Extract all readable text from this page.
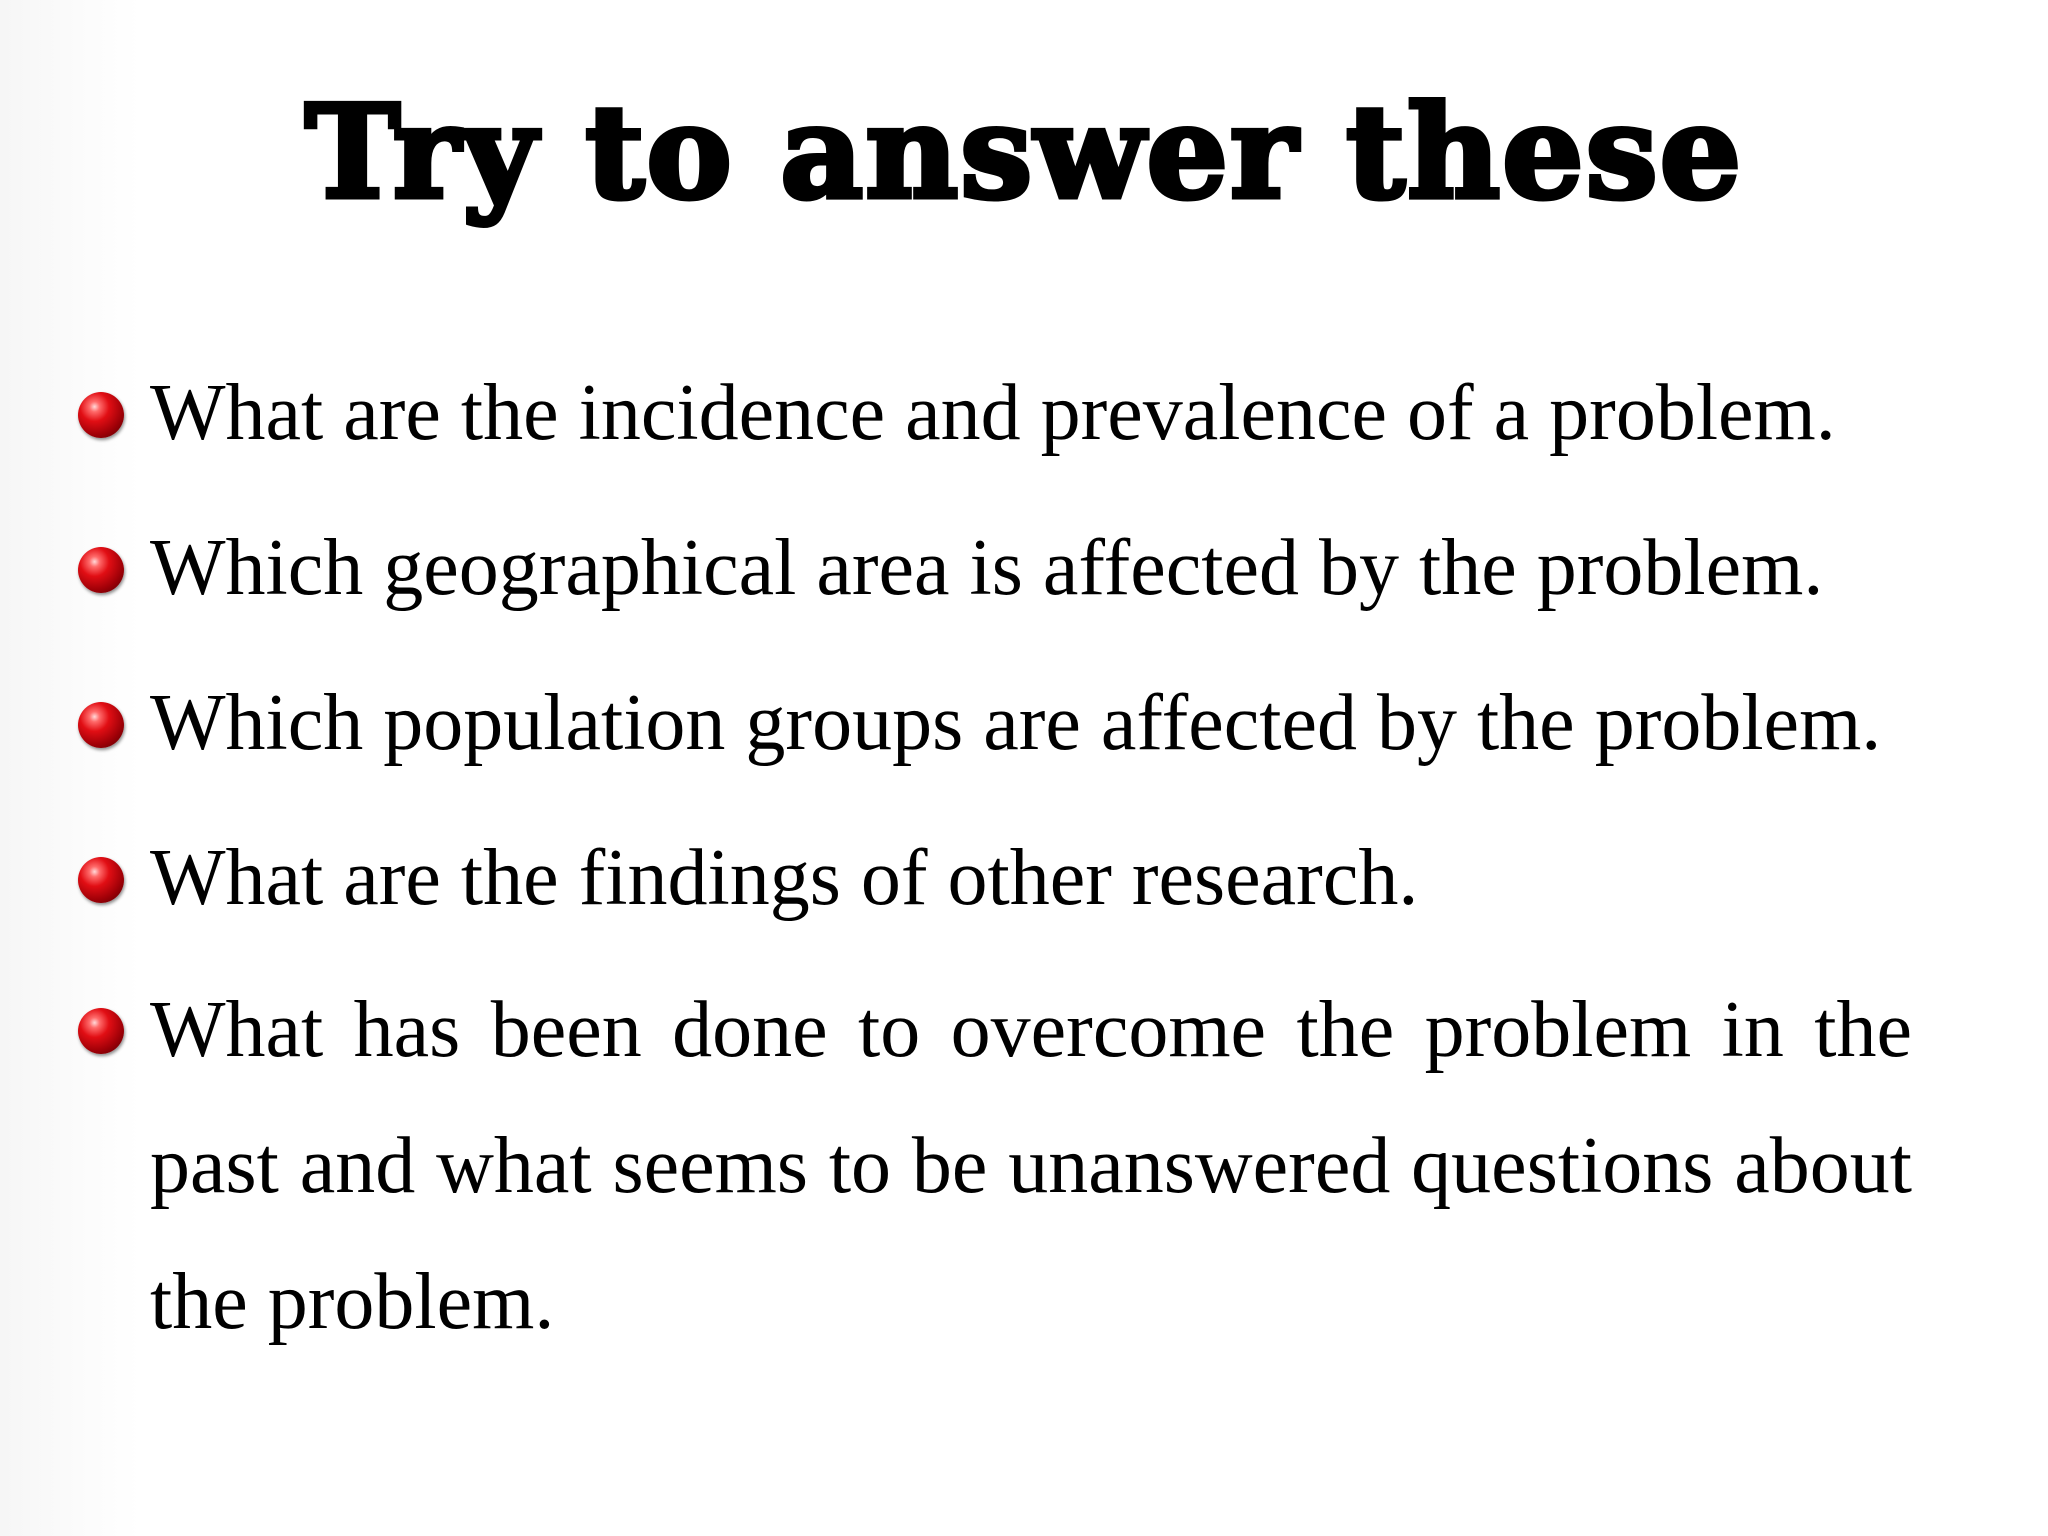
Try to answer these
What are the incidence and prevalence of a problem.
Which geographical area is affected by the problem.
Which population groups are affected by the problem.
What are the findings of other research.
What has been done to overcome the problem in the past and what seems to be unanswered questions about the problem.
